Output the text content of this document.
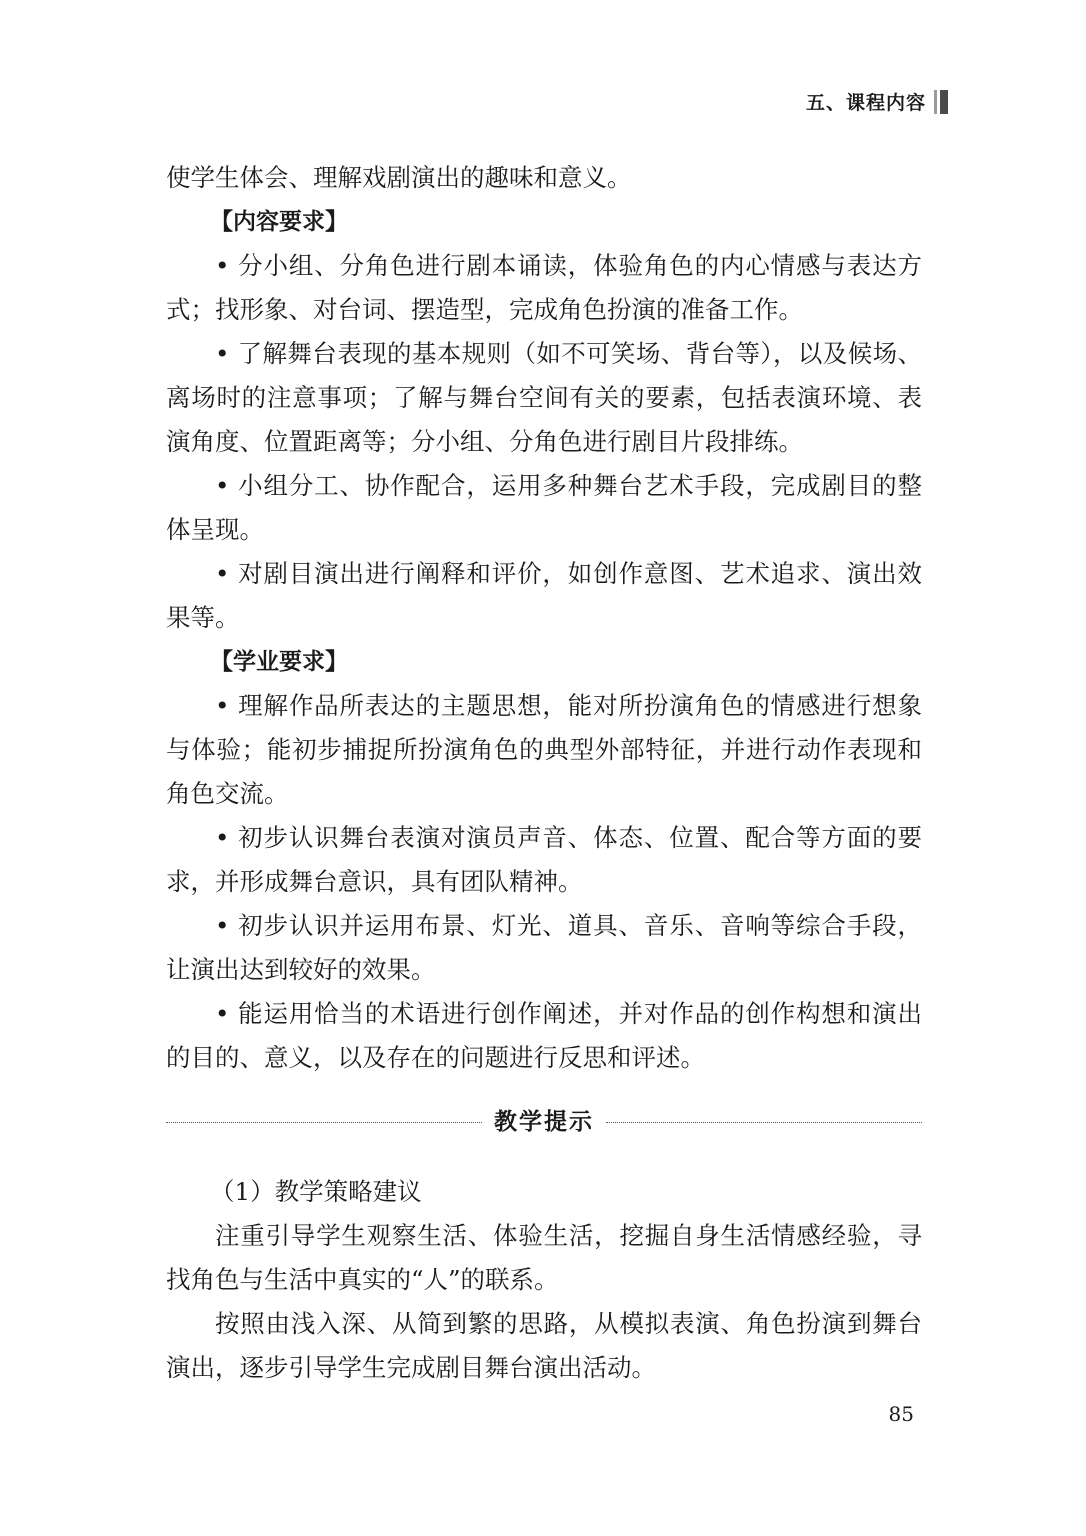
五、课程内容

使学生体会、理解戏剧演出的趣味和意义。

【内容要求】

• 分小组、分角色进行剧本诵读，体验角色的内心情感与表达方式；找形象、对台词、摆造型，完成角色扮演的准备工作。

• 了解舞台表现的基本规则（如不可笑场、背台等），以及候场、离场时的注意事项；了解与舞台空间有关的要素，包括表演环境、表演角度、位置距离等；分小组、分角色进行剧目片段排练。

• 小组分工、协作配合，运用多种舞台艺术手段，完成剧目的整体呈现。

• 对剧目演出进行阐释和评价，如创作意图、艺术追求、演出效果等。

【学业要求】

• 理解作品所表达的主题思想，能对所扮演角色的情感进行想象与体验；能初步捕捉所扮演角色的典型外部特征，并进行动作表现和角色交流。

• 初步认识舞台表演对演员声音、体态、位置、配合等方面的要求，并形成舞台意识，具有团队精神。

• 初步认识并运用布景、灯光、道具、音乐、音响等综合手段，让演出达到较好的效果。

• 能运用恰当的术语进行创作阐述，并对作品的创作构想和演出的目的、意义，以及存在的问题进行反思和评述。

教学提示

（1）教学策略建议

注重引导学生观察生活、体验生活，挖掘自身生活情感经验，寻找角色与生活中真实的“人”的联系。

按照由浅入深、从简到繁的思路，从模拟表演、角色扮演到舞台演出，逐步引导学生完成剧目舞台演出活动。

85
